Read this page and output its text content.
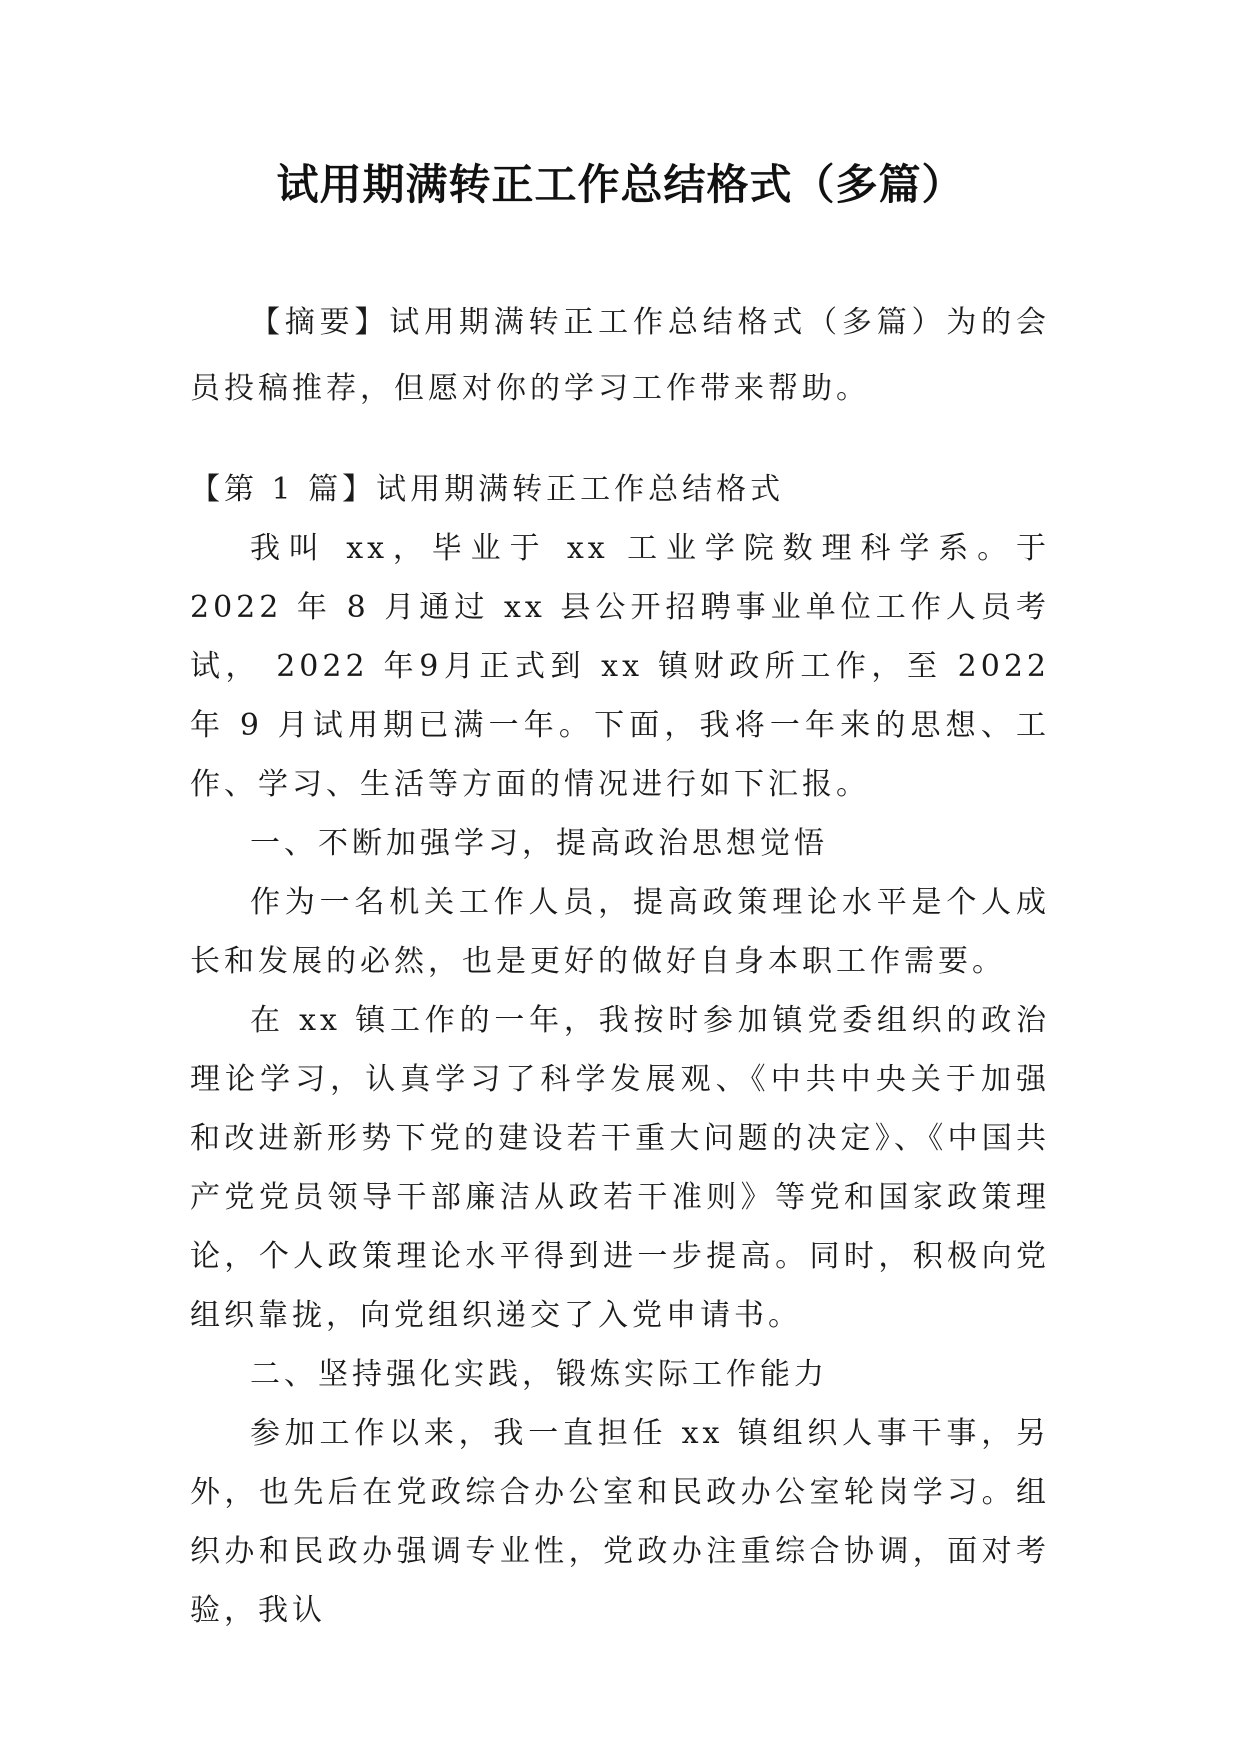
试用期满转正工作总结格式（多篇）

【摘要】试用期满转正工作总结格式（多篇）为的会员投稿推荐，但愿对你的学习工作带来帮助。

【第 1 篇】试用期满转正工作总结格式

我叫 xx，毕业于 xx 工业学院数理科学系。于 2022 年 8 月通过 xx 县公开招聘事业单位工作人员考试， 2022 年9月正式到 xx 镇财政所工作，至 2022 年 9 月试用期已满一年。下面，我将一年来的思想、工作、学习、生活等方面的情况进行如下汇报。

一、不断加强学习，提高政治思想觉悟

作为一名机关工作人员，提高政策理论水平是个人成长和发展的必然，也是更好的做好自身本职工作需要。

在 xx 镇工作的一年，我按时参加镇党委组织的政治理论学习，认真学习了科学发展观、《中共中央关于加强和改进新形势下党的建设若干重大问题的决定》、《中国共产党党员领导干部廉洁从政若干准则》等党和国家政策理论，个人政策理论水平得到进一步提高。同时，积极向党组织靠拢，向党组织递交了入党申请书。

二、坚持强化实践，锻炼实际工作能力

参加工作以来，我一直担任 xx 镇组织人事干事，另外，也先后在党政综合办公室和民政办公室轮岗学习。组织办和民政办强调专业性，党政办注重综合协调，面对考验，我认
